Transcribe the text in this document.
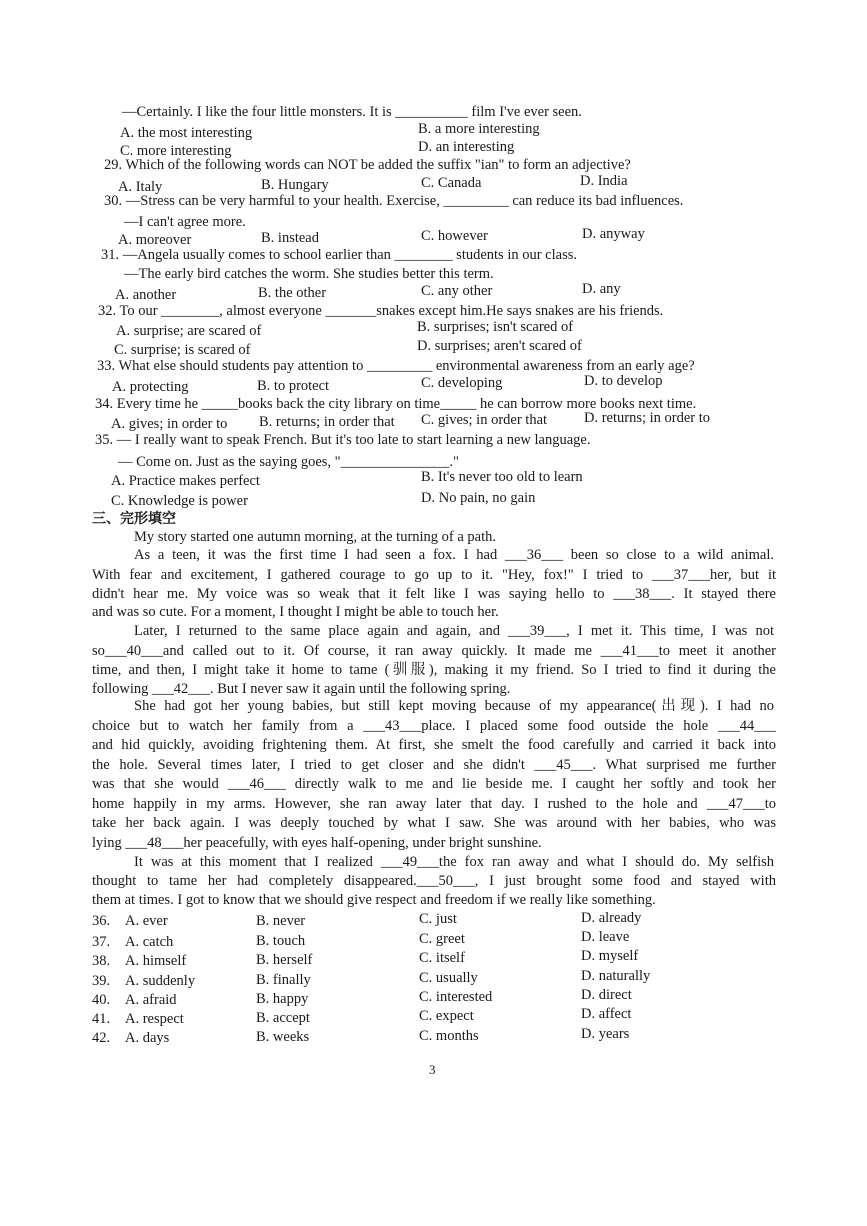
—Certainly. I like the four little monsters. It is __________ film I've ever seen.
A. the most interesting	B. a more interesting
C. more interesting	D. an interesting
29. Which of the following words can NOT be added the suffix "ian" to form an adjective?
A. Italy	B. Hungary	C. Canada	D. India
30. —Stress can be very harmful to your health. Exercise, _________ can reduce its bad influences.
—I can't agree more.
A. moreover	B. instead	C. however	D. anyway
31. —Angela usually comes to school earlier than ________ students in our class.
—The early bird catches the worm. She studies better this term.
A. another	B. the other	C. any other	D. any
32. To our ________, almost everyone _______snakes except him.He says snakes are his friends.
A. surprise; are scared of	B. surprises; isn't scared of
C. surprise; is scared of	D. surprises; aren't scared of
33. What else should students pay attention to _________ environmental awareness from an early age?
A. protecting	B. to protect	C. developing	D. to develop
34. Every time he _____books back the city library on time_____ he can borrow more books next time.
A. gives; in order to B. returns; in order that C. gives; in order that	D. returns; in order to
35. — I really want to speak French. But it's too late to start learning a new language.
— Come on. Just as the saying goes, "_______________."
A. Practice makes perfect	B. It's never too old to learn
C. Knowledge is power	D. No pain, no gain
三、完形填空
My story started one autumn morning, at the turning of a path.
As a teen, it was the first time I had seen a fox. I had ___36___ been so close to a wild animal.
With fear and excitement, I gathered courage to go up to it. "Hey, fox!" I tried to ___37___her, but it
didn't hear me. My voice was so weak that it felt like I was saying hello to ___38___. It stayed there
and was so cute. For a moment, I thought I might be able to touch her.
Later, I returned to the same place again and again, and ___39___, I met it. This time, I was not
so___40___and called out to it. Of course, it ran away quickly. It made me ___41___to meet it another
time, and then, I might take it home to tame (驯服), making it my friend. So I tried to find it during the
following ___42___. But I never saw it again until the following spring.
She had got her young babies, but still kept moving because of my appearance(出现). I had no
choice but to watch her family from a ___43___place. I placed some food outside the hole ___44___
and hid quickly, avoiding frightening them. At first, she smelt the food carefully and carried it back into
the hole. Several times later, I tried to get closer and she didn't ___45___. What surprised me further
was that she would ___46___ directly walk to me and lie beside me. I caught her softly and took her
home happily in my arms. However, she ran away later that day. I rushed to the hole and ___47___to
take her back again. I was deeply touched by what I saw. She was around with her babies, who was
lying ___48___her peacefully, with eyes half-opening, under bright sunshine.
It was at this moment that I realized ___49___the fox ran away and what I should do. My selfish
thought to tame her had completely disappeared.___50___, I just brought some food and stayed with
them at times. I got to know that we should give respect and freedom if we really like something.
36. A. ever	B. never	C. just	D. already
37. A. catch	B. touch	C. greet	D. leave
38. A. himself	B. herself	C. itself	D. myself
39. A. suddenly	B. finally	C. usually	D. naturally
40. A. afraid	B. happy	C. interested	D. direct
41. A. respect	B. accept	C. expect	D. affect
42. A. days	B. weeks	C. months	D. years
3
